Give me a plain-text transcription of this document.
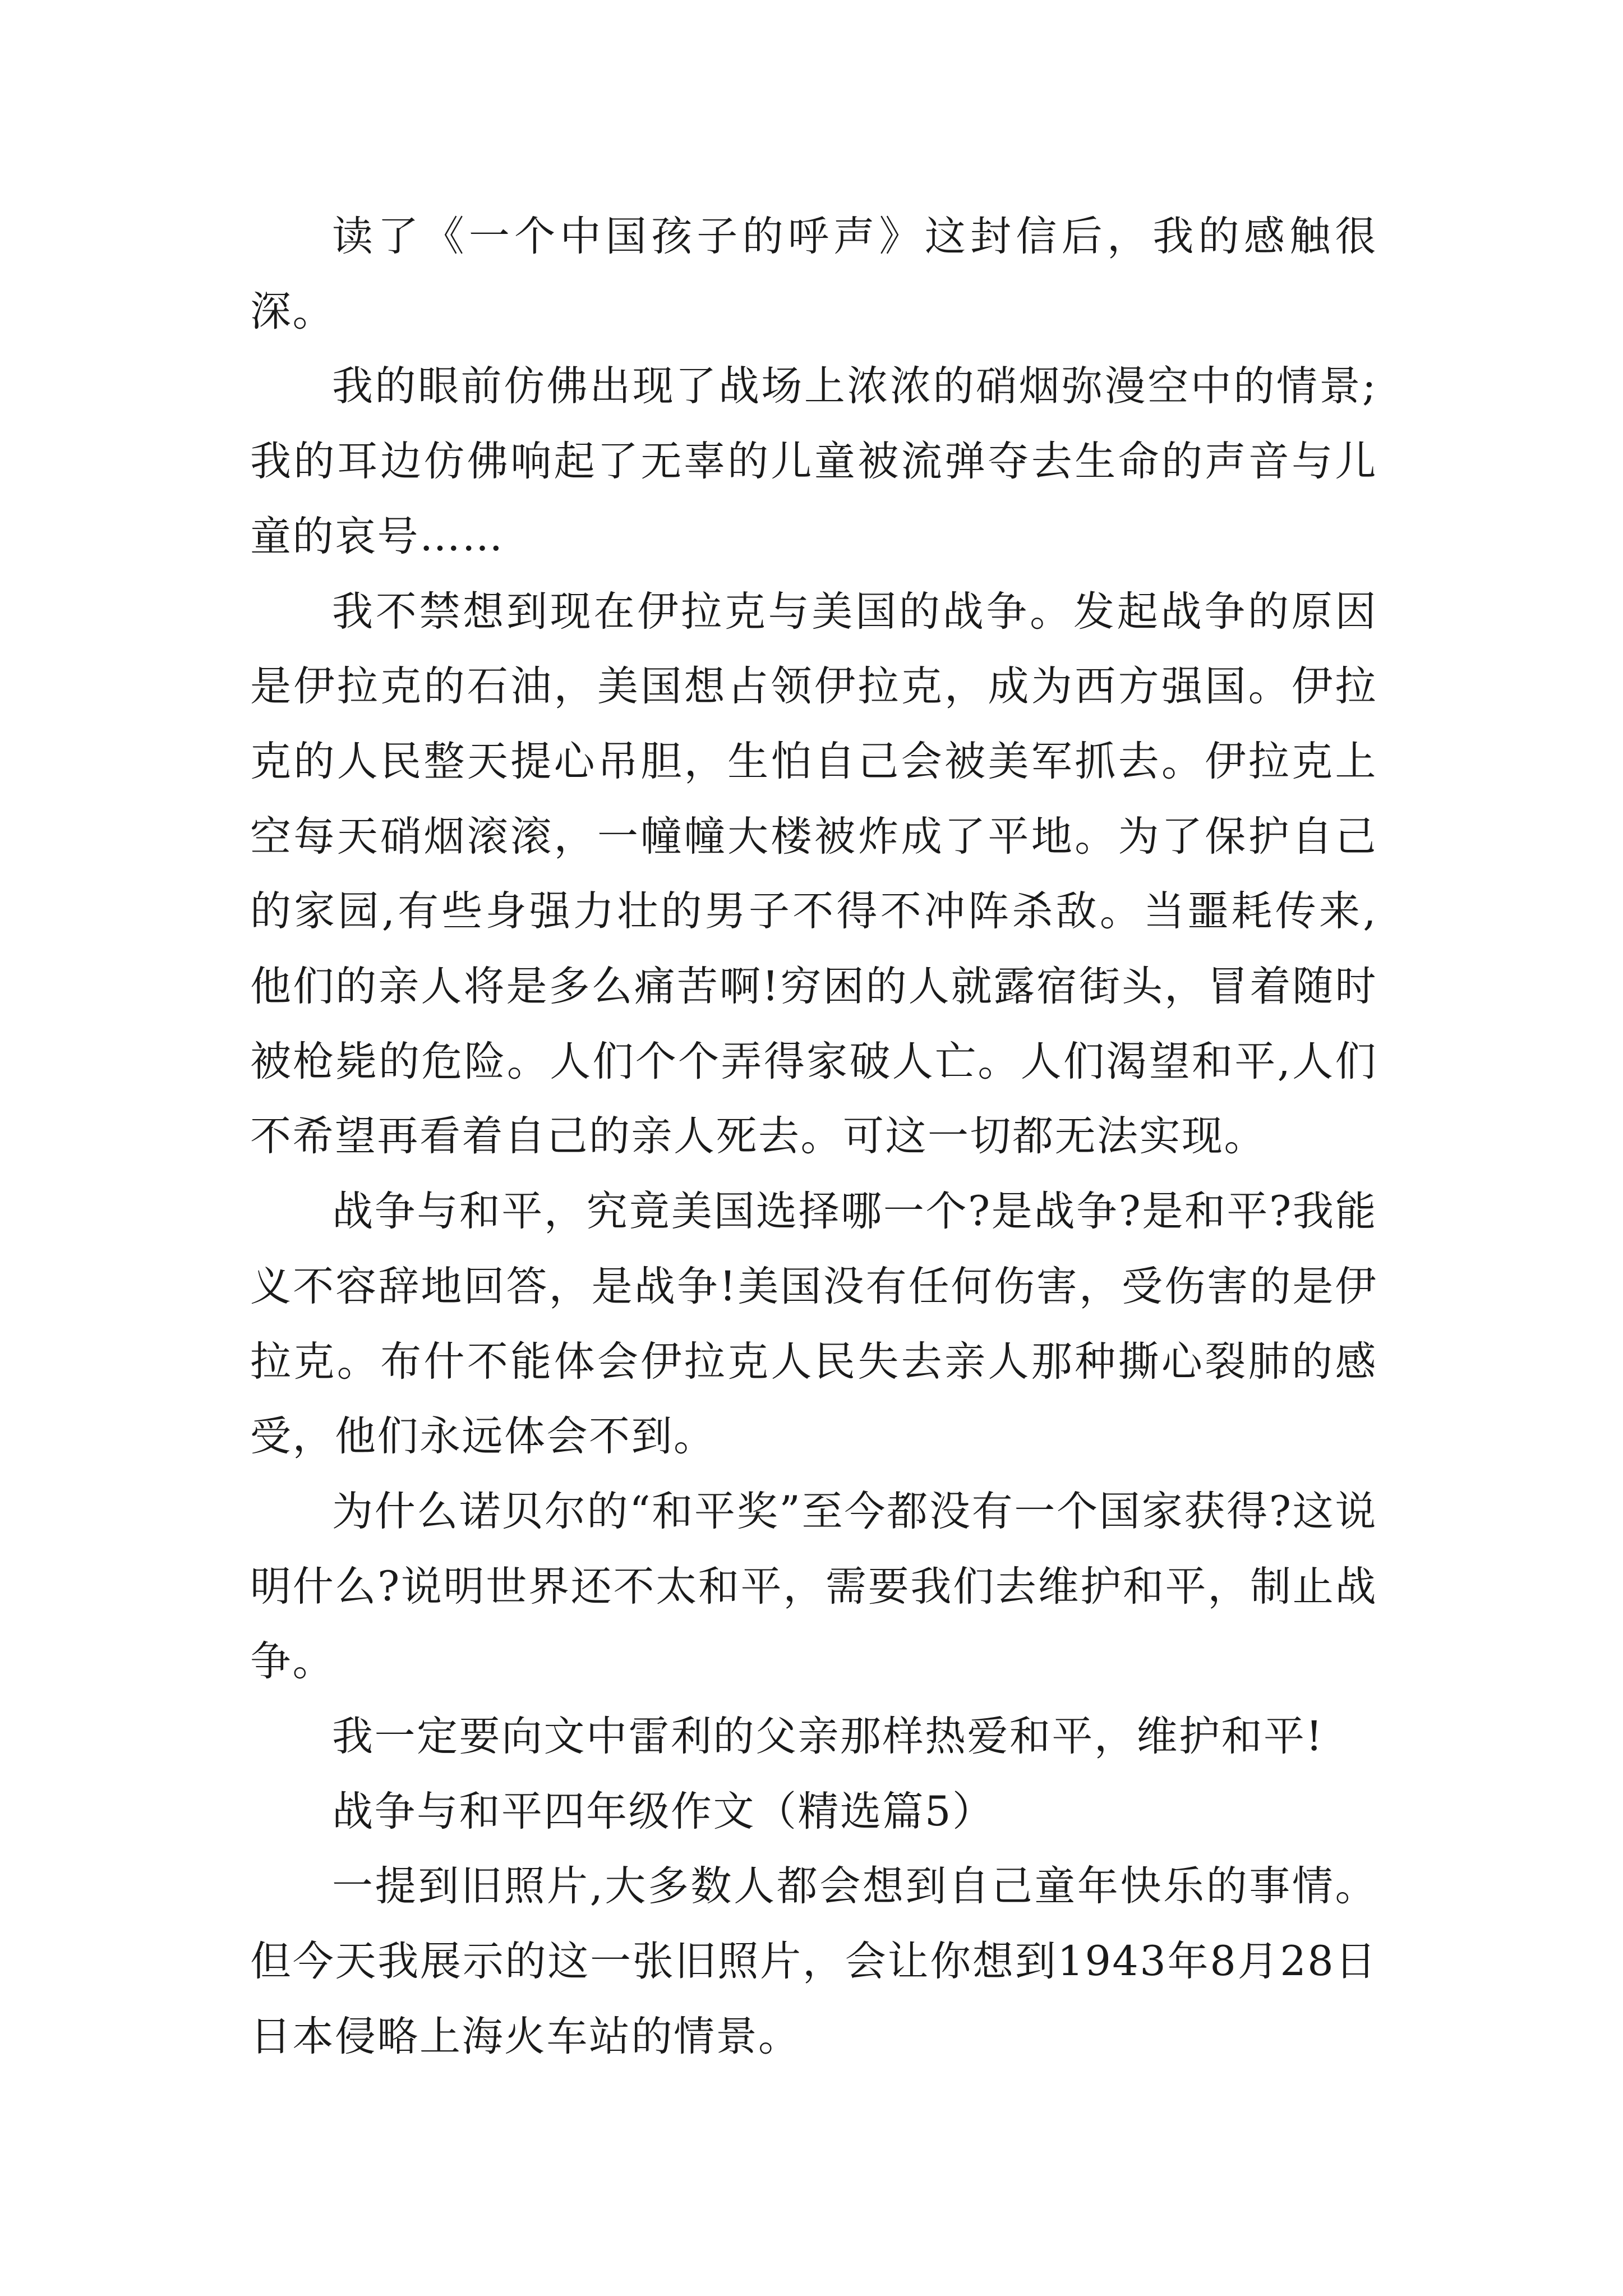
读了《一个中国孩子的呼声》这封信后，我的感触很深。

我的眼前仿佛出现了战场上浓浓的硝烟弥漫空中的情景;我的耳边仿佛响起了无辜的儿童被流弹夺去生命的声音与儿童的哀号……

我不禁想到现在伊拉克与美国的战争。发起战争的原因是伊拉克的石油，美国想占领伊拉克，成为西方强国。伊拉克的人民整天提心吊胆，生怕自己会被美军抓去。伊拉克上空每天硝烟滚滚，一幢幢大楼被炸成了平地。为了保护自己的家园,有些身强力壮的男子不得不冲阵杀敌。当噩耗传来,他们的亲人将是多么痛苦啊!穷困的人就露宿街头，冒着随时被枪毙的危险。人们个个弄得家破人亡。人们渴望和平,人们不希望再看着自己的亲人死去。可这一切都无法实现。

战争与和平，究竟美国选择哪一个?是战争?是和平?我能义不容辞地回答，是战争!美国没有任何伤害，受伤害的是伊拉克。布什不能体会伊拉克人民失去亲人那种撕心裂肺的感受，他们永远体会不到。

为什么诺贝尔的“和平奖”至今都没有一个国家获得?这说明什么?说明世界还不太和平，需要我们去维护和平，制止战争。

我一定要向文中雷利的父亲那样热爱和平，维护和平!

战争与和平四年级作文（精选篇5）

一提到旧照片,大多数人都会想到自己童年快乐的事情。但今天我展示的这一张旧照片，会让你想到1943年8月28日日本侵略上海火车站的情景。
